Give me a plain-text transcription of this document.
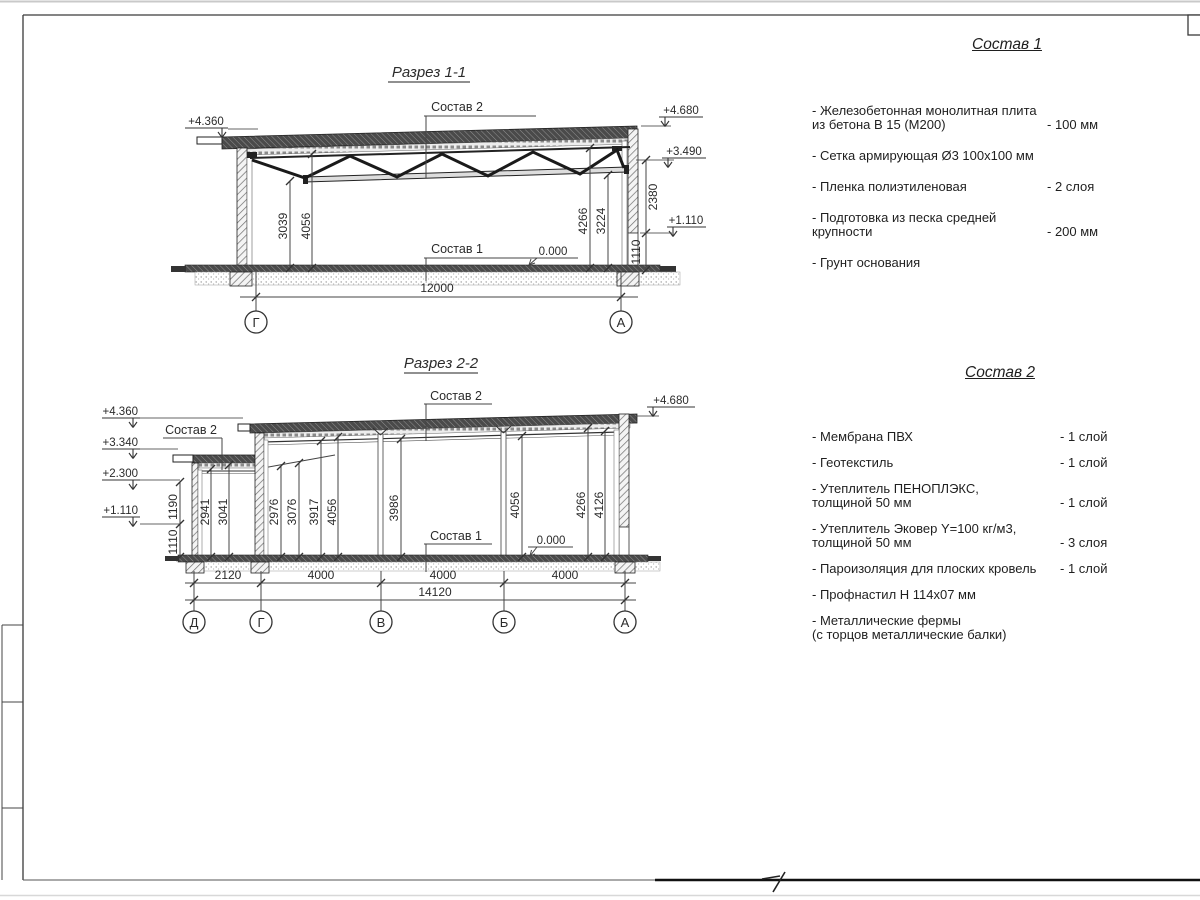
Разрез 1-1
Состав 2
Состав 1	0.000
+4.360
+4.680
+3.490
+1.110
3039 4056	4266 3224
2380
1110
12000
Г	А
Разрез 2-2
Состав 2
Состав 2
Состав 1	0.000
+4.360
+3.340
+2.300
+1.110
+4.680
1190
1110
2941 3041	2976 3076 3917 4056	3986	4056	4266 4126
2120	4000	4000	4000
14120
Д	Г	В	Б	А
Состав 1
- Железобетонная монолитная плита
из бетона В 15 (М200)	- 100 мм
- Сетка армирующая Ø3 100х100 мм
- Пленка полиэтиленовая	- 2 слоя
- Подготовка из песка средней
крупности	- 200 мм
- Грунт основания
Состав 2
- Мембрана ПВХ	- 1 слой
- Геотекстиль	- 1 слой
- Утеплитель ПЕНОПЛЭКС,
толщиной 50 мм	- 1 слой
- Утеплитель Эковер Y=100 кг/м3,
толщиной 50 мм	- 3 слоя
- Пароизоляция для плоских кровель	- 1 слой
- Профнастил Н 114х07 мм
- Металлические фермы
(с торцов металлические балки)
